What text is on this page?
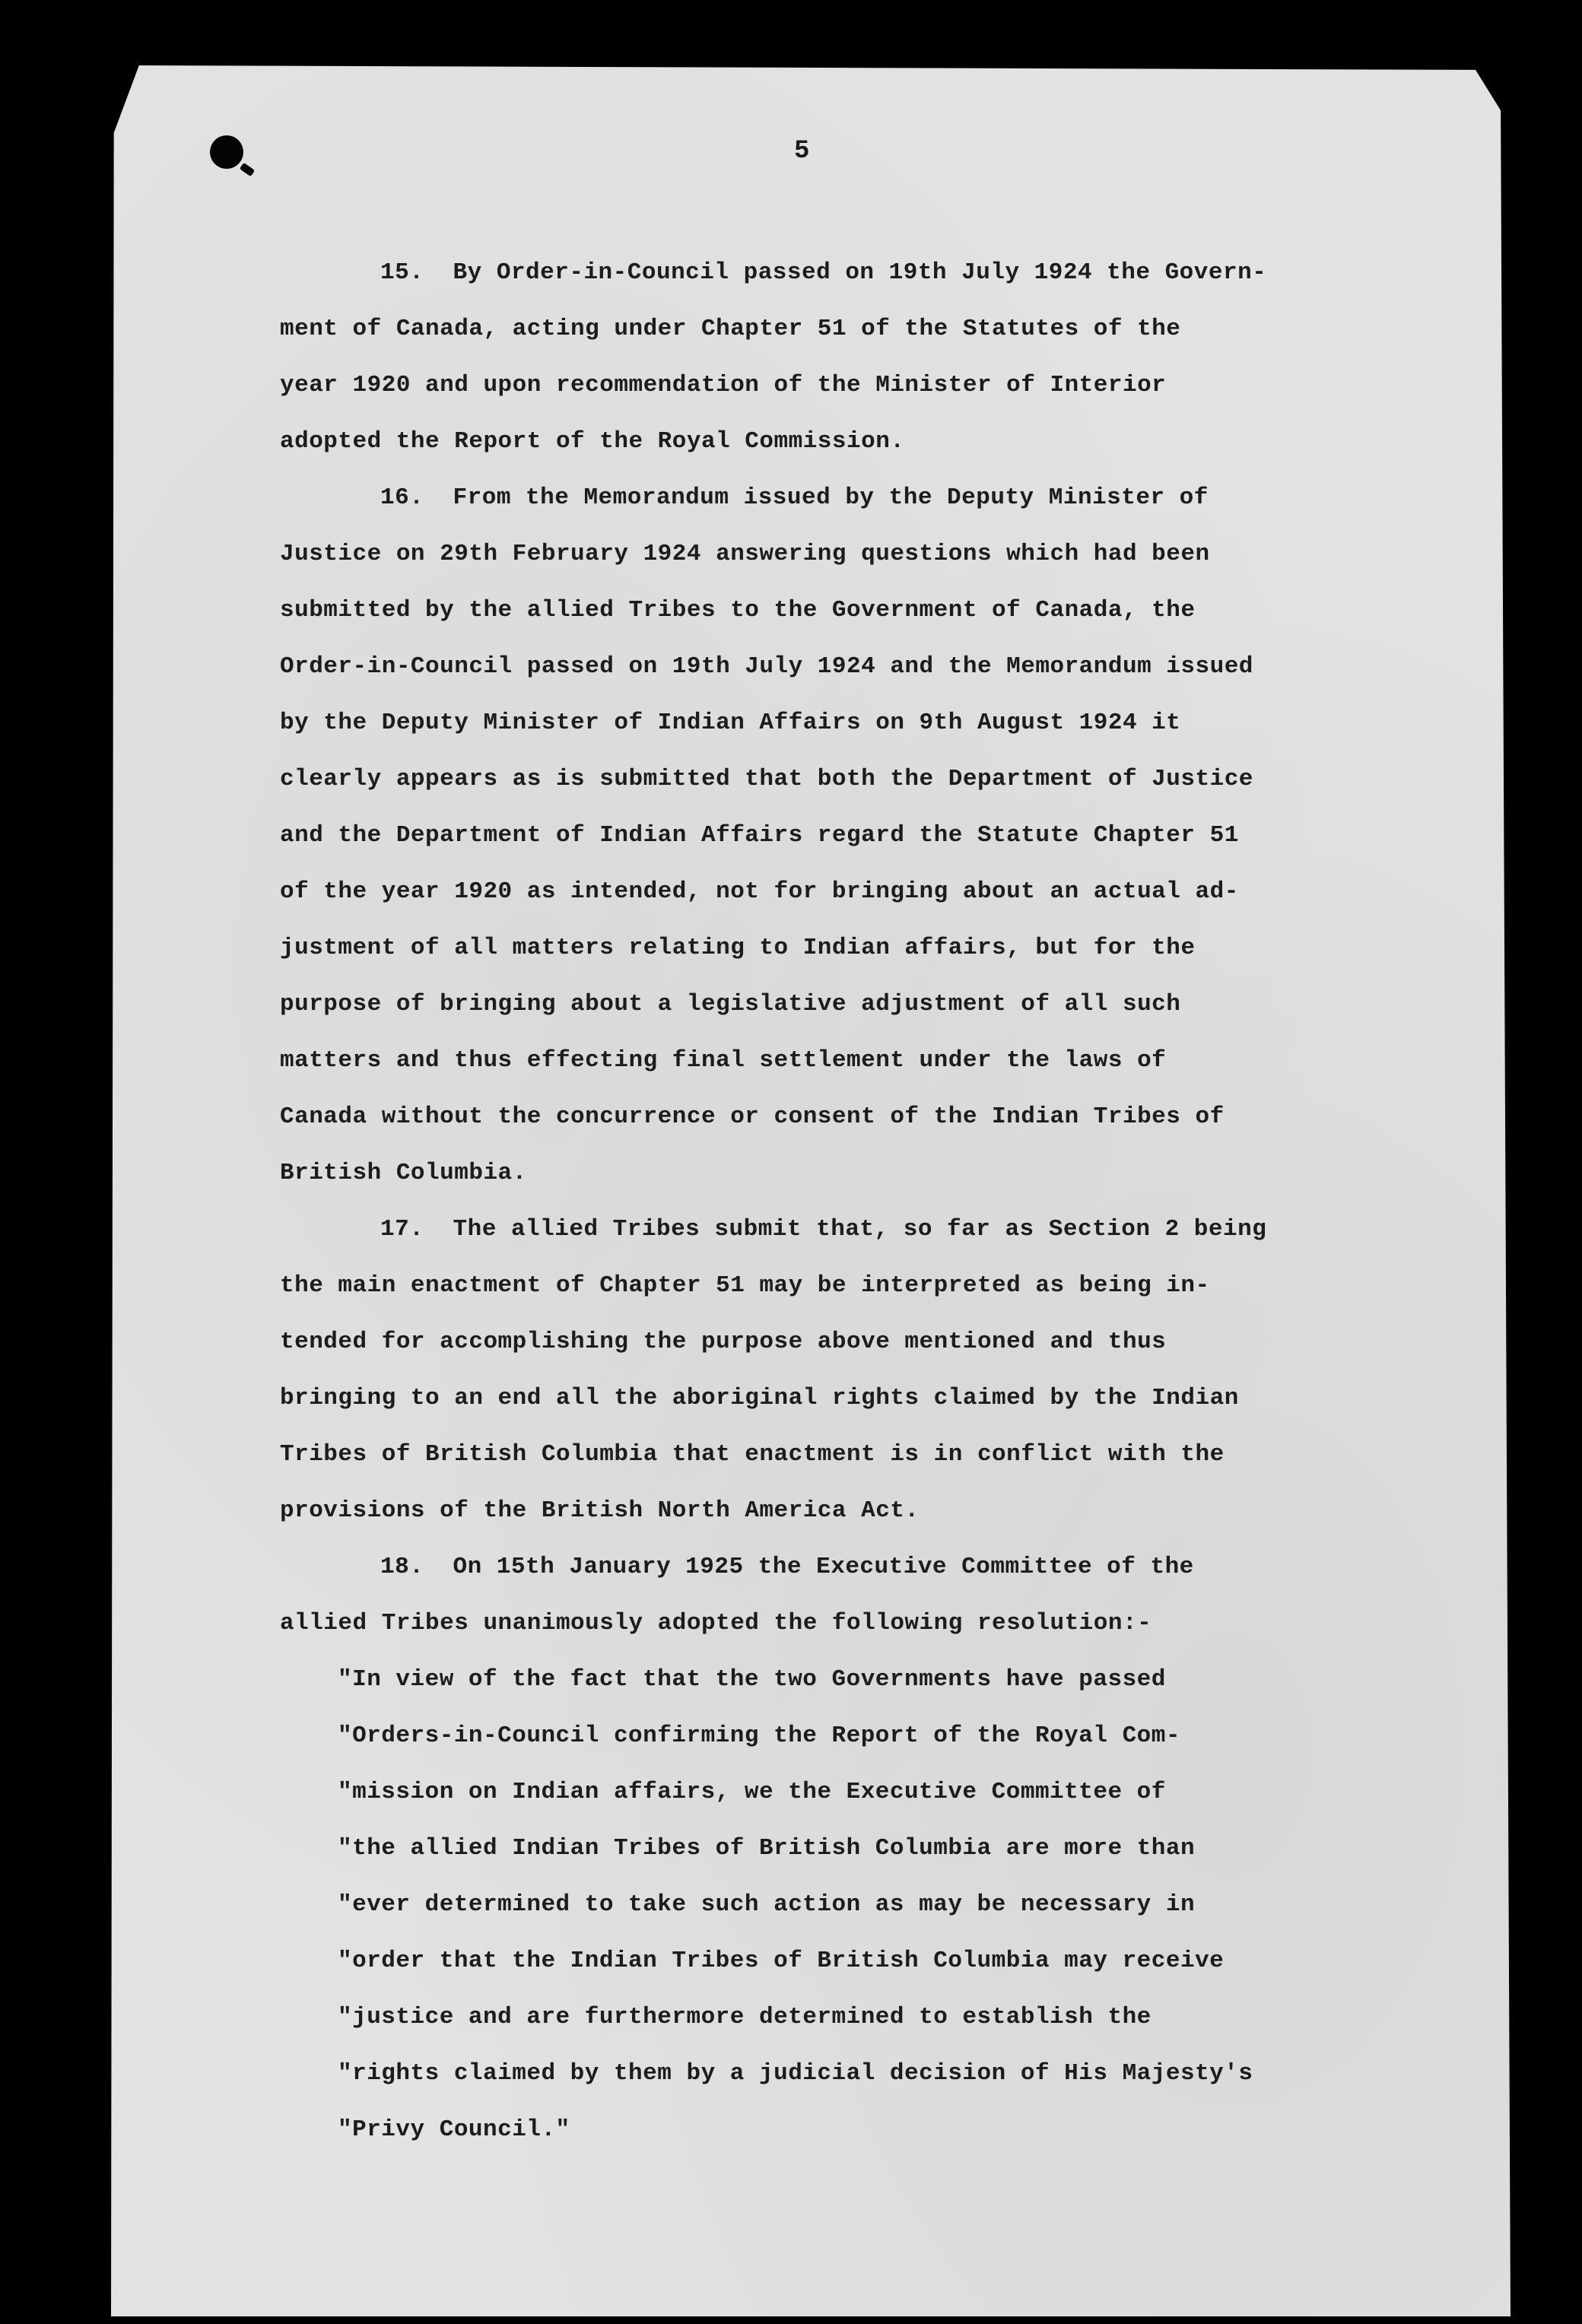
5
15. By Order-in-Council passed on 19th July 1924 the Govern-
ment of Canada, acting under Chapter 51 of the Statutes of the
year 1920 and upon recommendation of the Minister of Interior
adopted the Report of the Royal Commission.
16. From the Memorandum issued by the Deputy Minister of
Justice on 29th February 1924 answering questions which had been
submitted by the allied Tribes to the Government of Canada, the
Order-in-Council passed on 19th July 1924 and the Memorandum issued
by the Deputy Minister of Indian Affairs on 9th August 1924 it
clearly appears as is submitted that both the Department of Justice
and the Department of Indian Affairs regard the Statute Chapter 51
of the year 1920 as intended, not for bringing about an actual ad-
justment of all matters relating to Indian affairs, but for the
purpose of bringing about a legislative adjustment of all such
matters and thus effecting final settlement under the laws of
Canada without the concurrence or consent of the Indian Tribes of
British Columbia.
17. The allied Tribes submit that, so far as Section 2 being
the main enactment of Chapter 51 may be interpreted as being in-
tended for accomplishing the purpose above mentioned and thus
bringing to an end all the aboriginal rights claimed by the Indian
Tribes of British Columbia that enactment is in conflict with the
provisions of the British North America Act.
18. On 15th January 1925 the Executive Committee of the
allied Tribes unanimously adopted the following resolution:-
"In view of the fact that the two Governments have passed
"Orders-in-Council confirming the Report of the Royal Com-
"mission on Indian affairs, we the Executive Committee of
"the allied Indian Tribes of British Columbia are more than
"ever determined to take such action as may be necessary in
"order that the Indian Tribes of British Columbia may receive
"justice and are furthermore determined to establish the
"rights claimed by them by a judicial decision of His Majesty's
"Privy Council."
